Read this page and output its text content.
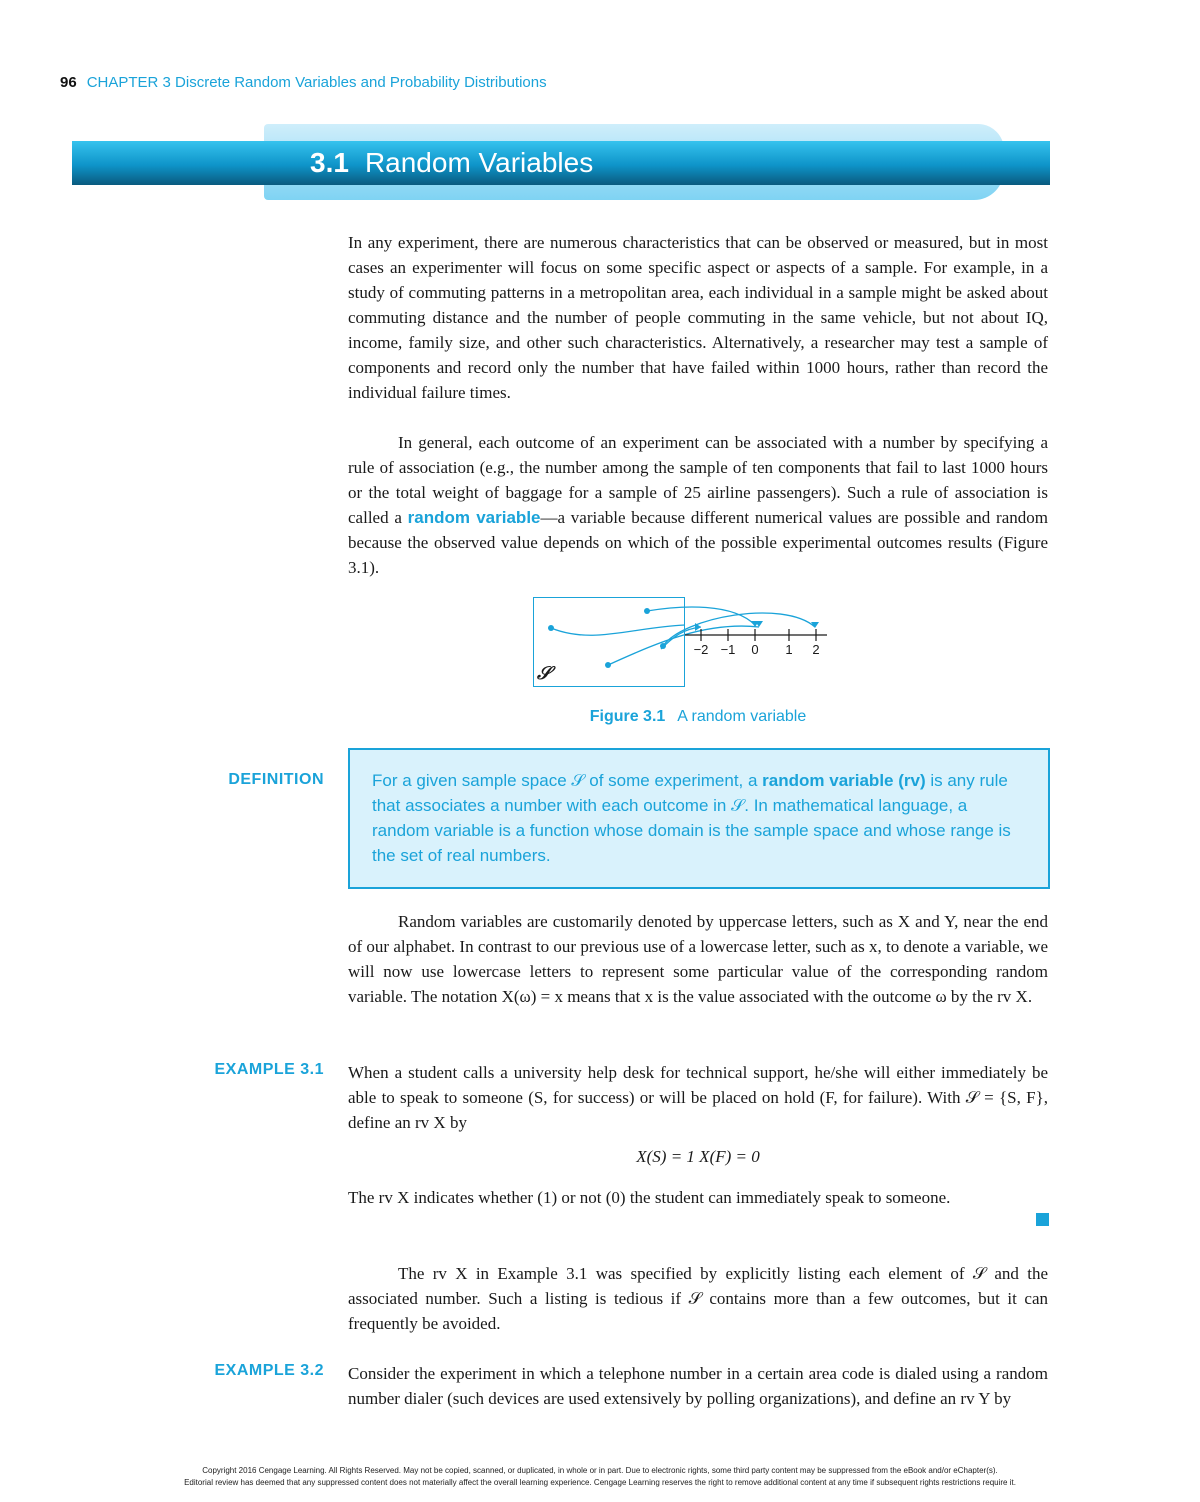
96 CHAPTER 3 Discrete Random Variables and Probability Distributions
3.1 Random Variables

In any experiment, there are numerous characteristics that can be observed or measured, but in most cases an experimenter will focus on some specific aspect or aspects of a sample. For example, in a study of commuting patterns in a metropolitan area, each individual in a sample might be asked about commuting distance and the number of people commuting in the same vehicle, but not about IQ, income, family size, and other such characteristics. Alternatively, a researcher may test a sample of components and record only the number that have failed within 1000 hours, rather than record the individual failure times.

In general, each outcome of an experiment can be associated with a number by specifying a rule of association (e.g., the number among the sample of ten components that fail to last 1000 hours or the total weight of baggage for a sample of 25 airline passengers). Such a rule of association is called a random variable—a variable because different numerical values are possible and random because the observed value depends on which of the possible experimental outcomes results (Figure 3.1).

−2 −1 0 1 2
𝒮
Figure 3.1 A random variable
DEFINITION	For a given sample space 𝒮 of some experiment, a random variable (rv) is any rule that associates a number with each outcome in 𝒮. In mathematical language, a random variable is a function whose domain is the sample space and whose range is the set of real numbers.

Random variables are customarily denoted by uppercase letters, such as X and Y, near the end of our alphabet. In contrast to our previous use of a lowercase letter, such as x, to denote a variable, we will now use lowercase letters to represent some particular value of the corresponding random variable. The notation X(ω) = x means that x is the value associated with the outcome ω by the rv X.

EXAMPLE 3.1 When a student calls a university help desk for technical support, he/she will either immediately be able to speak to someone (S, for success) or will be placed on hold (F, for failure). With 𝒮 = {S, F}, define an rv X by

X(S) = 1 X(F) = 0

The rv X indicates whether (1) or not (0) the student can immediately speak to someone.

The rv X in Example 3.1 was specified by explicitly listing each element of 𝒮 and the associated number. Such a listing is tedious if 𝒮 contains more than a few outcomes, but it can frequently be avoided.

EXAMPLE 3.2 Consider the experiment in which a telephone number in a certain area code is dialed using a random number dialer (such devices are used extensively by polling organizations), and define an rv Y by

Copyright 2016 Cengage Learning. All Rights Reserved. May not be copied, scanned, or duplicated, in whole or in part. Due to electronic rights, some third party content may be suppressed from the eBook and/or eChapter(s).
Editorial review has deemed that any suppressed content does not materially affect the overall learning experience. Cengage Learning reserves the right to remove additional content at any time if subsequent rights restrictions require it.
